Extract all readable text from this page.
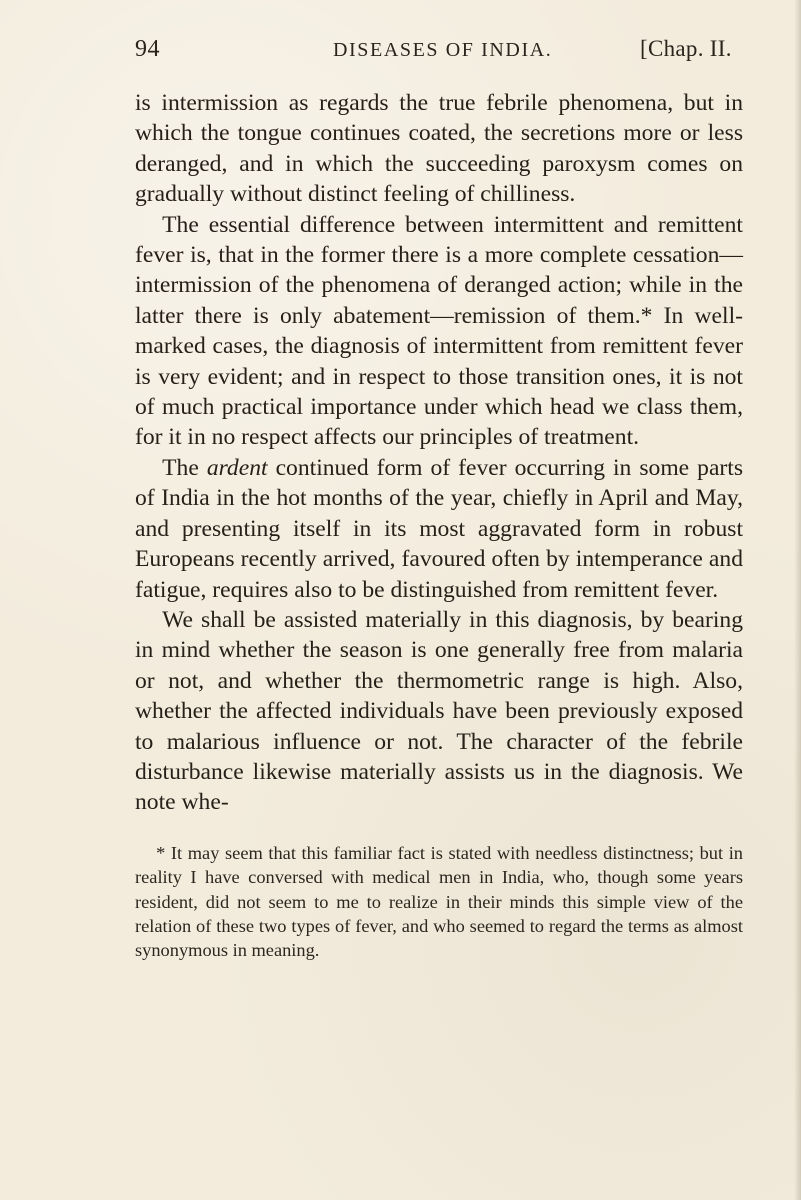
94	DISEASES OF INDIA.	[Chap. II.

is intermission as regards the true febrile phenomena, but in which the tongue continues coated, the secretions more or less deranged, and in which the succeeding paroxysm comes on gradually without distinct feeling of chilliness.

The essential difference between intermittent and remittent fever is, that in the former there is a more complete cessation—intermission of the phenomena of deranged action; while in the latter there is only abatement—remission of them.* In well-marked cases, the diagnosis of intermittent from remittent fever is very evident; and in respect to those transition ones, it is not of much practical importance under which head we class them, for it in no respect affects our principles of treatment.

The ardent continued form of fever occurring in some parts of India in the hot months of the year, chiefly in April and May, and presenting itself in its most aggravated form in robust Europeans recently arrived, favoured often by intemperance and fatigue, requires also to be distinguished from remittent fever.

We shall be assisted materially in this diagnosis, by bearing in mind whether the season is one generally free from malaria or not, and whether the thermometric range is high. Also, whether the affected individuals have been previously exposed to malarious influence or not. The character of the febrile disturbance likewise materially assists us in the diagnosis. We note whe-

* It may seem that this familiar fact is stated with needless distinctness; but in reality I have conversed with medical men in India, who, though some years resident, did not seem to me to realize in their minds this simple view of the relation of these two types of fever, and who seemed to regard the terms as almost synonymous in meaning.
